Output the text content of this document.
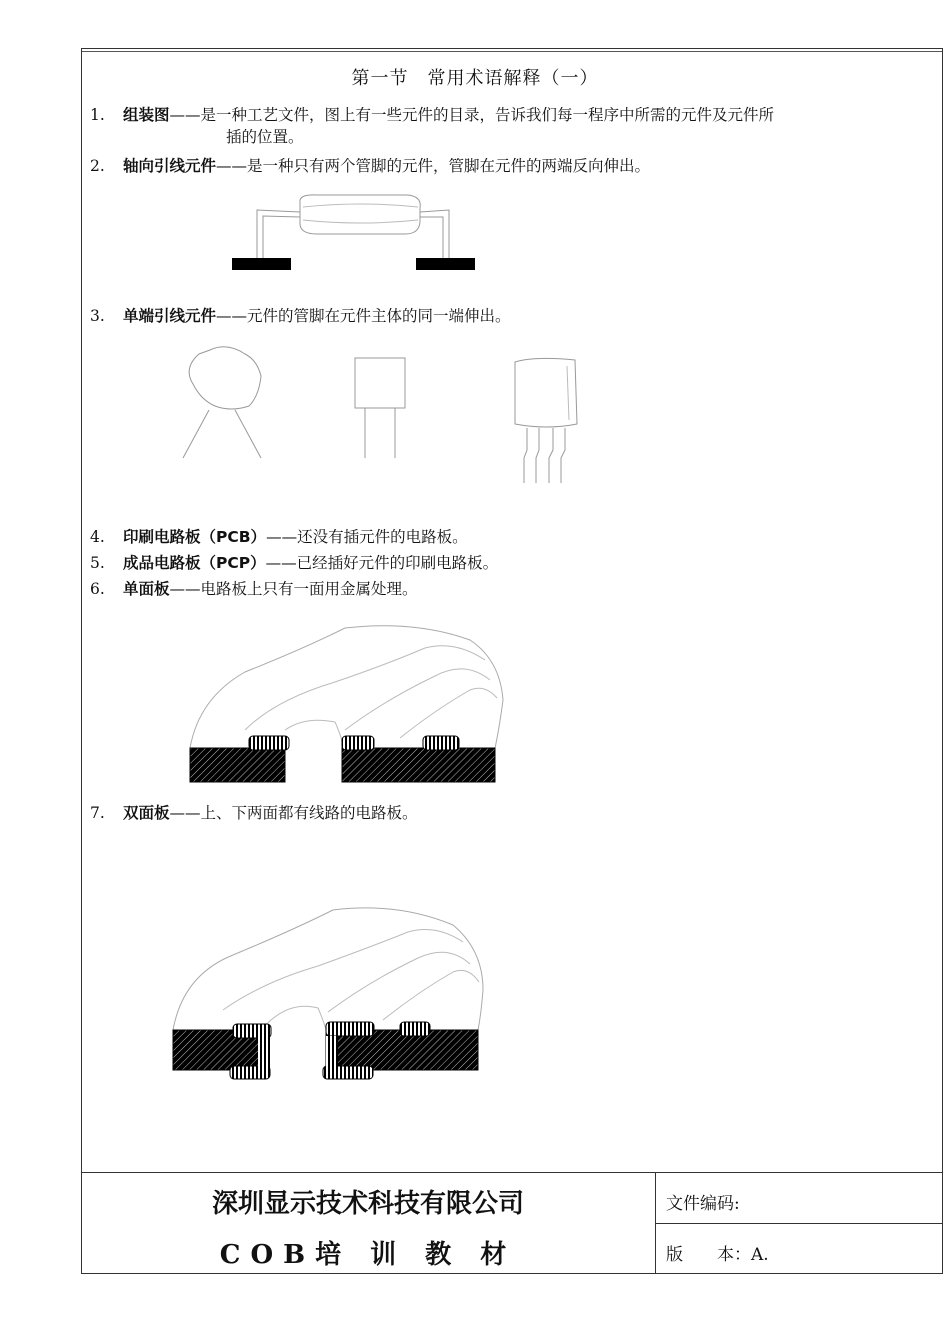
第一节　常用术语解释（一）
1. 组装图——是一种工艺文件，图上有一些元件的目录，告诉我们每一程序中所需的元件及元件所
插的位置。
2. 轴向引线元件——是一种只有两个管脚的元件，管脚在元件的两端反向伸出。
3. 单端引线元件——元件的管脚在元件主体的同一端伸出。
4. 印刷电路板（PCB）——还没有插元件的电路板。
5. 成品电路板（PCP）——已经插好元件的印刷电路板。
6. 单面板——电路板上只有一面用金属处理。
7. 双面板——上、下两面都有线路的电路板。
深圳显示技术科技有限公司
COB培 训 教 材
文件编码:
版　　本：A.
